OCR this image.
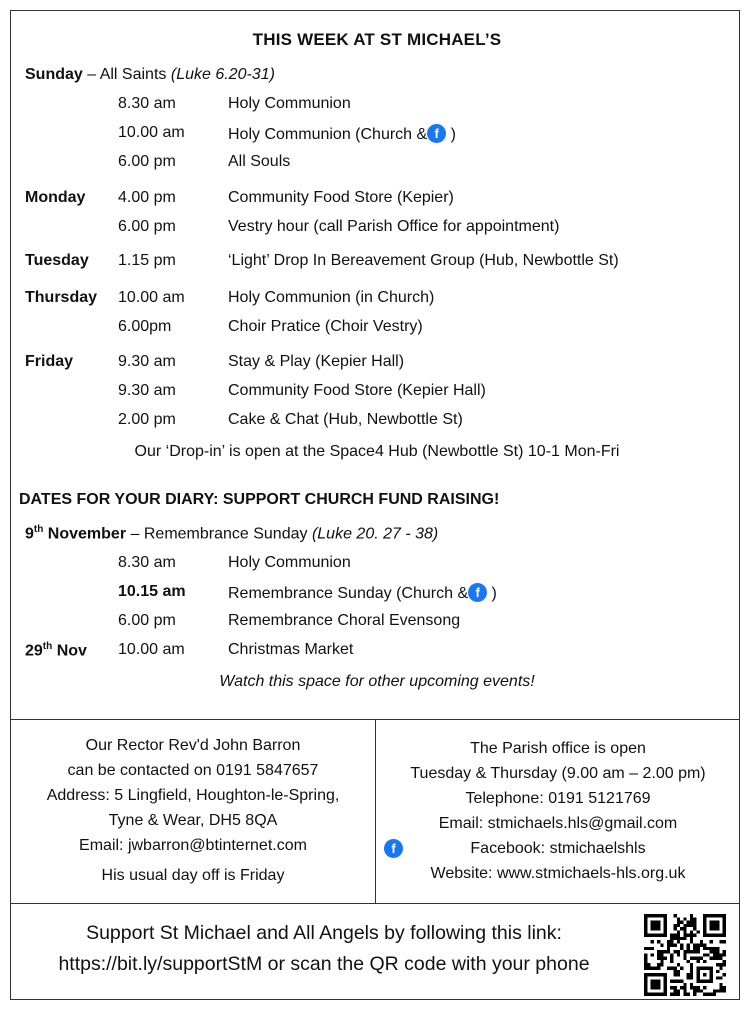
THIS WEEK AT ST MICHAEL’S
Sunday – All Saints (Luke 6.20-31)
8.30 am	Holy Communion
10.00 am	Holy Communion (Church & f )
6.00 pm	All Souls
Monday 4.00 pm	Community Food Store (Kepier)
6.00 pm	Vestry hour (call Parish Office for appointment)
Tuesday 1.15 pm	‘Light’ Drop In Bereavement Group (Hub, Newbottle St)
Thursday 10.00 am	Holy Communion (in Church)
6.00pm	Choir Pratice (Choir Vestry)
Friday	9.30 am	Stay & Play (Kepier Hall)
9.30 am	Community Food Store (Kepier Hall)
2.00 pm	Cake & Chat (Hub, Newbottle St)
Our ‘Drop-in’ is open at the Space4 Hub (Newbottle St) 10-1 Mon-Fri
DATES FOR YOUR DIARY: SUPPORT CHURCH FUND RAISING!
9th November – Remembrance Sunday (Luke 20. 27 - 38)
8.30 am	Holy Communion
10.15 am	Remembrance Sunday (Church & f )
6.00 pm	Remembrance Choral Evensong
29th Nov 10.00 am	Christmas Market
Watch this space for other upcoming events!
Our Rector Rev'd John Barron
can be contacted on 0191 5847657
Address: 5 Lingfield, Houghton-le-Spring,
Tyne & Wear, DH5 8QA
Email: jwbarron@btinternet.com
His usual day off is Friday
The Parish office is open
Tuesday & Thursday (9.00 am – 2.00 pm)
Telephone: 0191 5121769
Email: stmichaels.hls@gmail.com
f	Facebook: stmichaelshls
Website: www.stmichaels-hls.org.uk
Support St Michael and All Angels by following this link:
https://bit.ly/supportStM or scan the QR code with your phone
